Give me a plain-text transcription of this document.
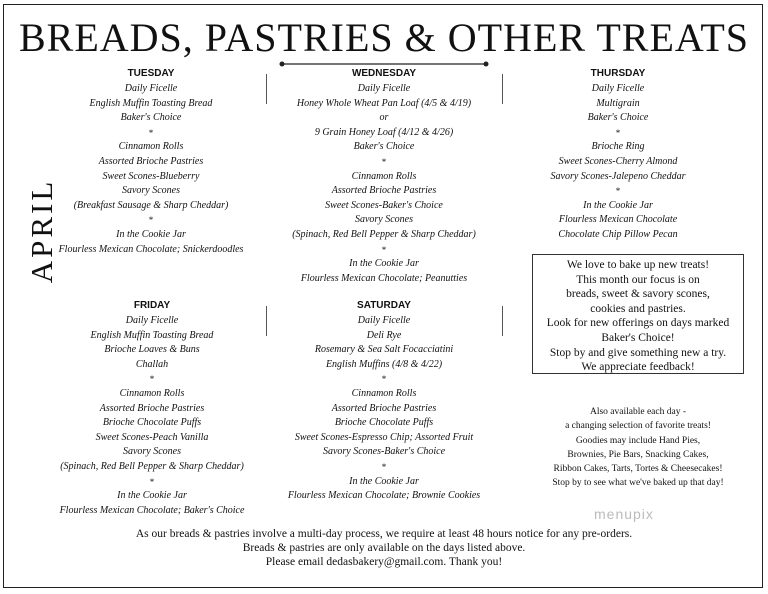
BREADS, PASTRIES & OTHER TREATS
APRIL
TUESDAY
Daily Ficelle
English Muffin Toasting Bread
Baker's Choice
*
Cinnamon Rolls
Assorted Brioche Pastries
Sweet Scones-Blueberry
Savory Scones
(Breakfast Sausage & Sharp Cheddar)
*
In the Cookie Jar
Flourless Mexican Chocolate; Snickerdoodles
WEDNESDAY
Daily Ficelle
Honey Whole Wheat Pan Loaf (4/5 & 4/19)
or
9 Grain Honey Loaf (4/12 & 4/26)
Baker's Choice
*
Cinnamon Rolls
Assorted Brioche Pastries
Sweet Scones-Baker's Choice
Savory Scones
(Spinach, Red Bell Pepper & Sharp Cheddar)
*
In the Cookie Jar
Flourless Mexican Chocolate; Peanutties
THURSDAY
Daily Ficelle
Multigrain
Baker's Choice
*
Brioche Ring
Sweet Scones-Cherry Almond
Savory Scones-Jalepeno Cheddar
*
In the Cookie Jar
Flourless Mexican Chocolate
Chocolate Chip Pillow Pecan
FRIDAY
Daily Ficelle
English Muffin Toasting Bread
Brioche Loaves & Buns
Challah
*
Cinnamon Rolls
Assorted Brioche Pastries
Brioche Chocolate Puffs
Sweet Scones-Peach Vanilla
Savory Scones
(Spinach, Red Bell Pepper & Sharp Cheddar)
*
In the Cookie Jar
Flourless Mexican Chocolate; Baker's Choice
SATURDAY
Daily Ficelle
Deli Rye
Rosemary & Sea Salt Focacciatini
English Muffins (4/8 & 4/22)
*
Cinnamon Rolls
Assorted Brioche Pastries
Brioche Chocolate Puffs
Sweet Scones-Espresso Chip; Assorted Fruit
Savory Scones-Baker's Choice
*
In the Cookie Jar
Flourless Mexican Chocolate; Brownie Cookies
We love to bake up new treats!
This month our focus is on
breads, sweet & savory scones,
cookies and pastries.
Look for new offerings on days marked
Baker's Choice!
Stop by and give something new a try.
We appreciate feedback!
Also available each day -
a changing selection of favorite treats!
Goodies may include Hand Pies,
Brownies, Pie Bars, Snacking Cakes,
Ribbon Cakes, Tarts, Tortes & Cheesecakes!
Stop by to see what we've baked up that day!
menupix
As our breads & pastries involve a multi-day process, we require at least 48 hours notice for any pre-orders.
Breads & pastries are only available on the days listed above.
Please email dedasbakery@gmail.com. Thank you!
